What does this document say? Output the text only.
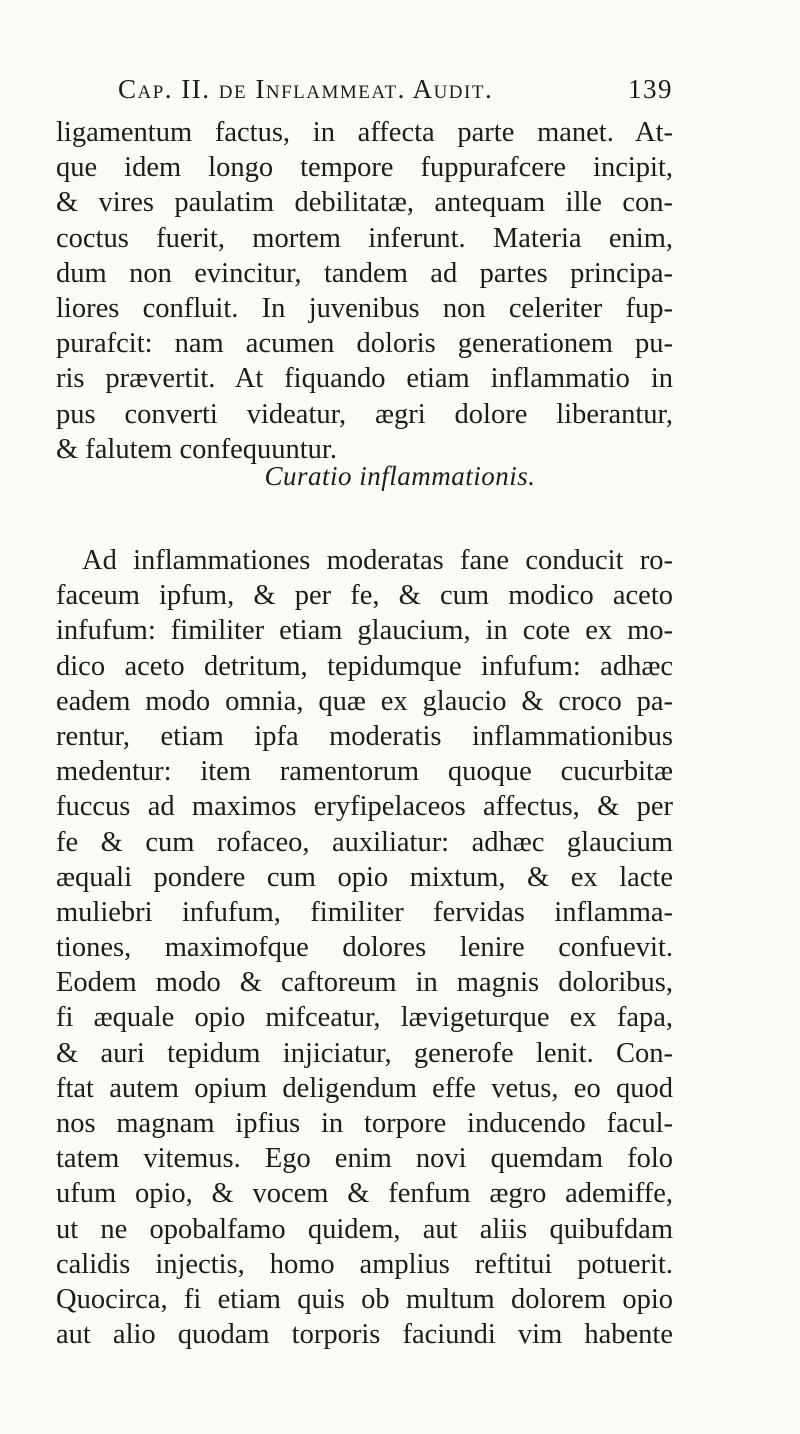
Cap. II. de Inflammeat. Audit.	139
ligamentum factus, in affecta parte manet. At-
que idem longo tempore fuppurafcere incipit,
& vires paulatim debilitatæ, antequam ille con-
coctus fuerit, mortem inferunt. Materia enim,
dum non evincitur, tandem ad partes principa-
liores confluit. In juvenibus non celeriter fup-
purafcit: nam acumen doloris generationem pu-
ris prævertit. At fiquando etiam inflammatio in
pus converti videatur, ægri dolore liberantur,
& falutem confequuntur.
Curatio inflammationis.
Ad inflammationes moderatas fane conducit ro-
faceum ipfum, & per fe, & cum modico aceto
infufum: fimiliter etiam glaucium, in cote ex mo-
dico aceto detritum, tepidumque infufum: adhæc
eadem modo omnia, quæ ex glaucio & croco pa-
rentur, etiam ipfa moderatis inflammationibus
medentur: item ramentorum quoque cucurbitæ
fuccus ad maximos eryfipelaceos affectus, & per
fe & cum rofaceo, auxiliatur: adhæc glaucium
æquali pondere cum opio mixtum, & ex lacte
muliebri infufum, fimiliter fervidas inflamma-
tiones, maximofque dolores lenire confuevit.
Eodem modo & caftoreum in magnis doloribus,
fi æquale opio mifceatur, lævigeturque ex fapa,
& auri tepidum injiciatur, generofe lenit. Con-
ftat autem opium deligendum effe vetus, eo quod
nos magnam ipfius in torpore inducendo facul-
tatem vitemus. Ego enim novi quemdam folo
ufum opio, & vocem & fenfum ægro ademiffe,
ut ne opobalfamo quidem, aut aliis quibufdam
calidis injectis, homo amplius reftitui potuerit.
Quocirca, fi etiam quis ob multum dolorem opio
aut alio quodam torporis faciundi vim habente
